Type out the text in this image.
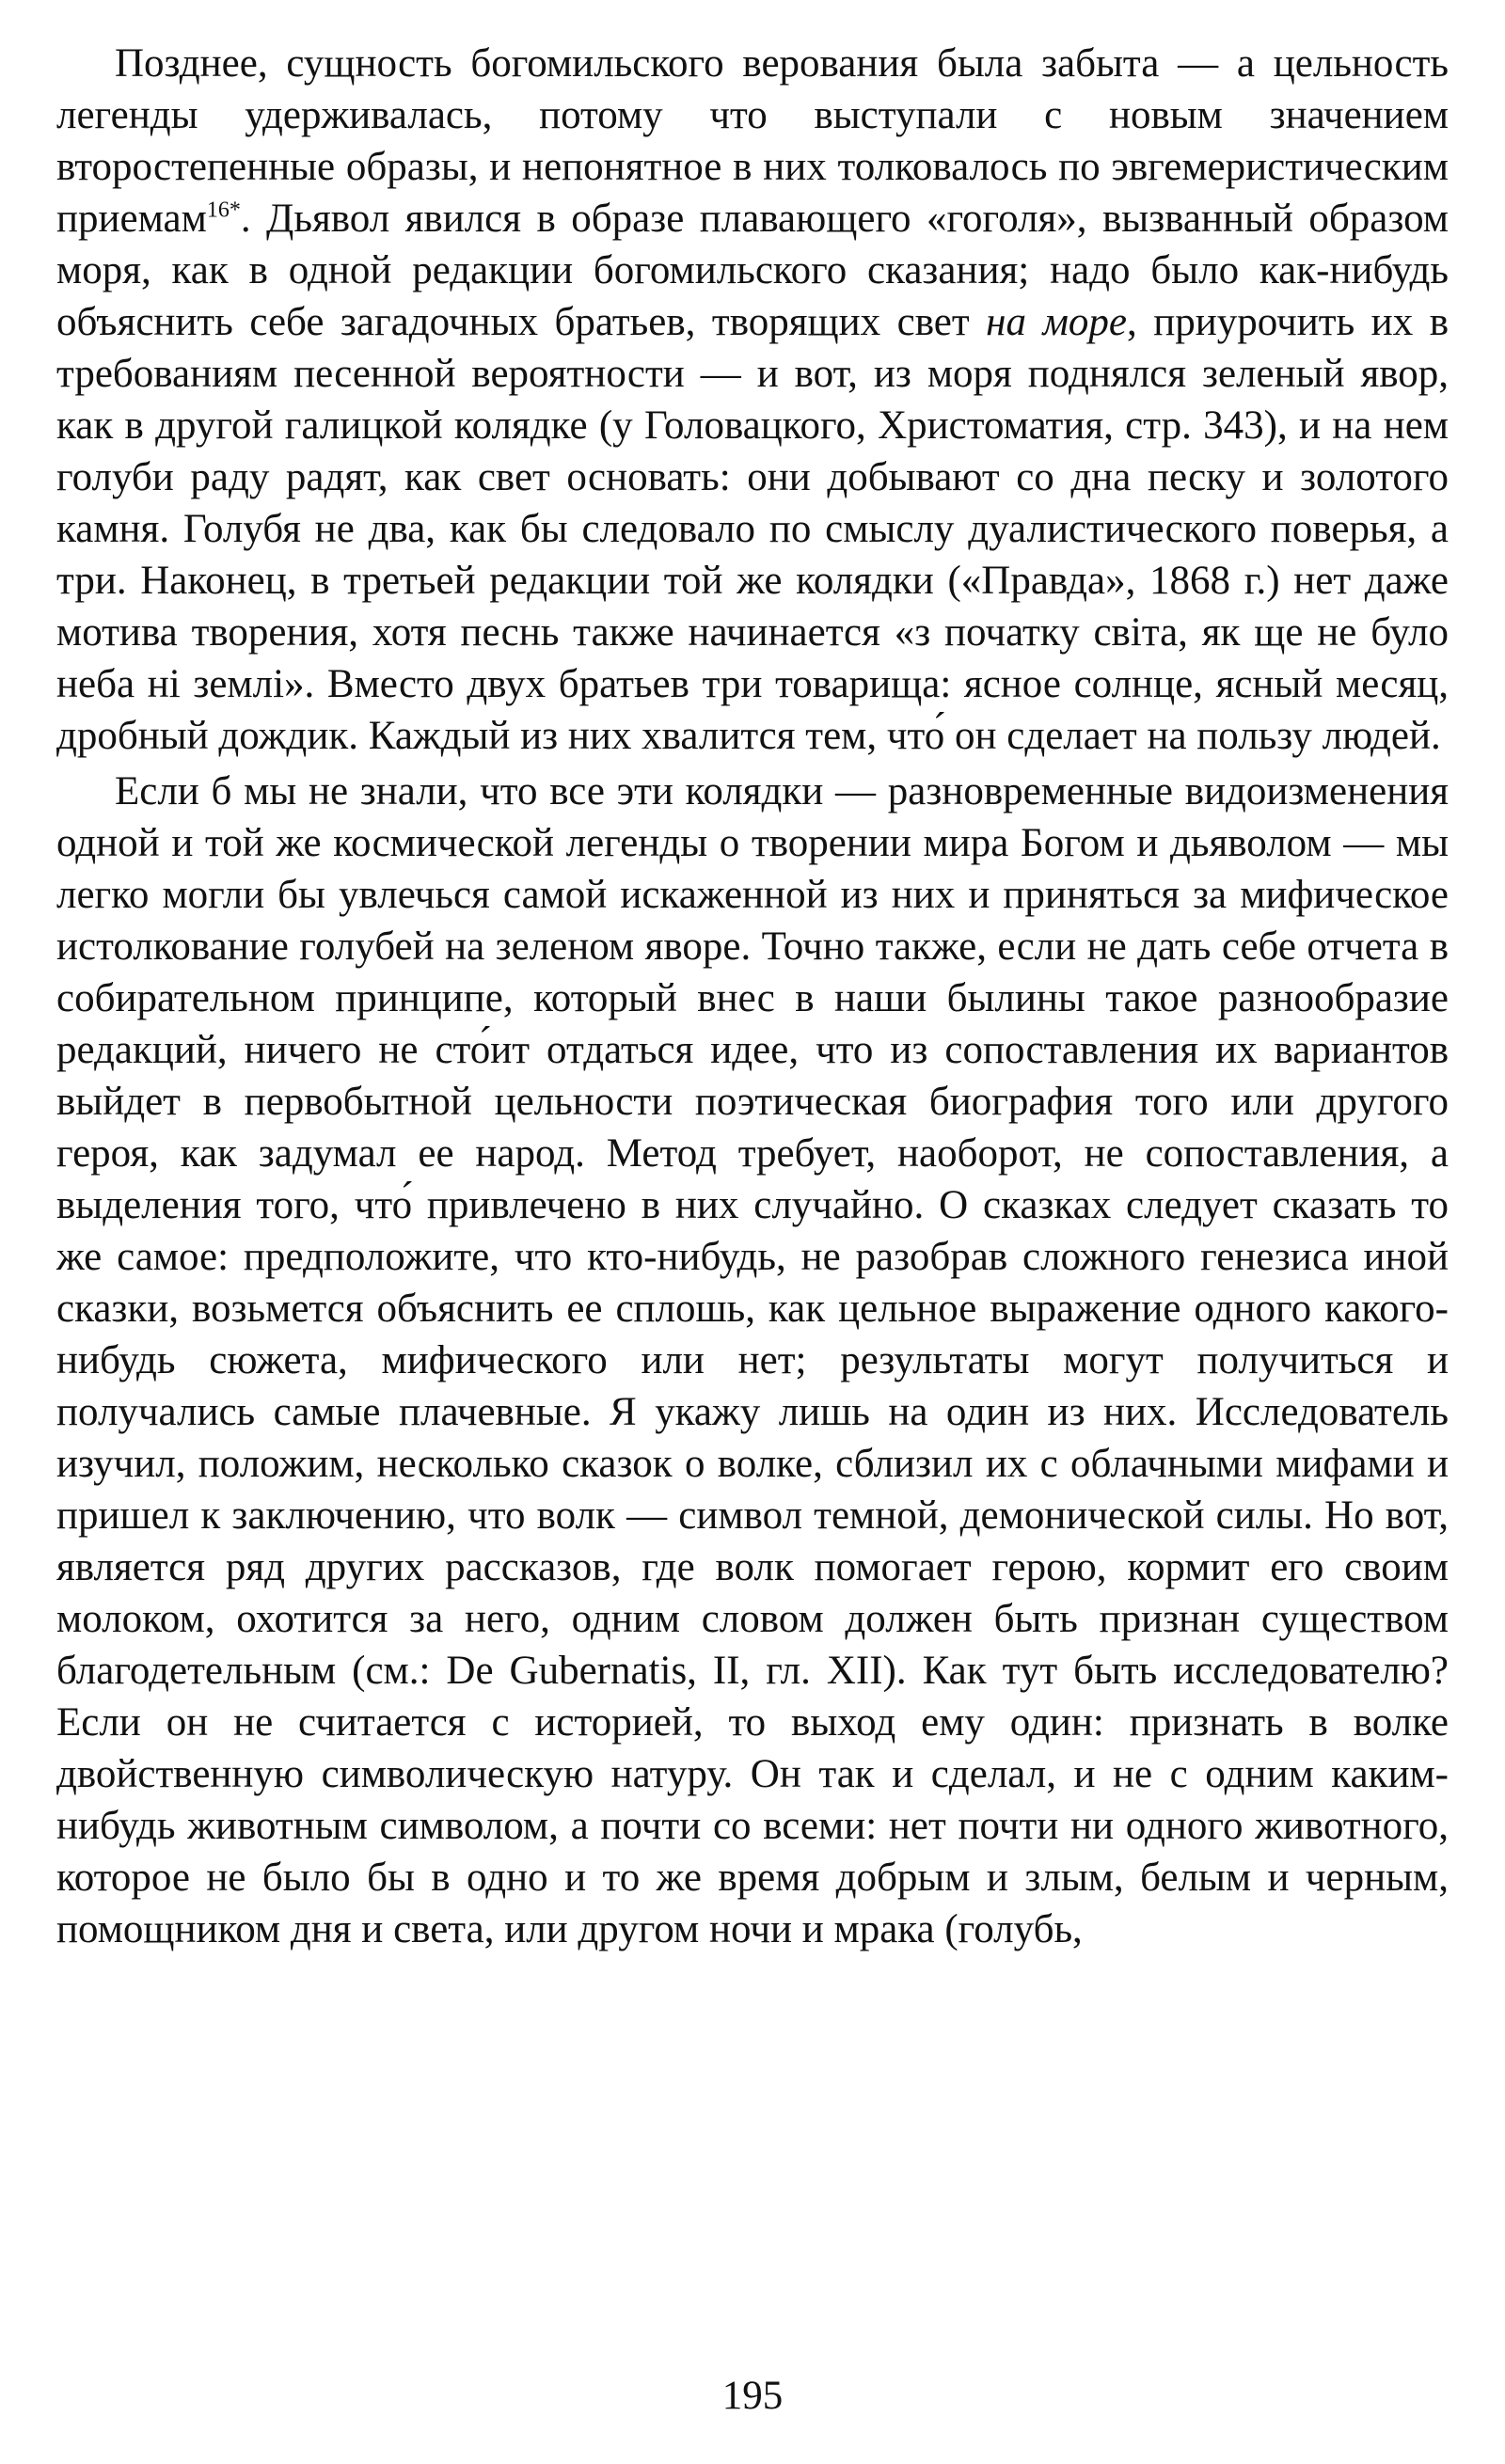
Позднее, сущность богомильского верования была забыта — а цельность легенды удерживалась, потому что выступали с новым значением второстепенные образы, и непонятное в них толковалось по эвгемеристическим приемам$^{16*}$. Дьявол явился в образе плавающего «гоголя», вызванный образом моря, как в одной редакции богомильского сказания; надо было как-нибудь объяснить себе загадочных братьев, творящих свет на море, приурочить их в требованиям песенной вероятности — и вот, из моря поднялся зеленый явор, как в другой галицкой колядке (у Головацкого, Христоматия, стр. 343), и на нем голуби раду радят, как свет основать: они добывают со дна песку и золотого камня. Голубя не два, как бы следовало по смыслу дуалистического поверья, а три. Наконец, в третьей редакции той же колядки («Правда», 1868 г.) нет даже мотива творения, хотя песнь также начинается «з початку світа, як ще не було неба ні землі». Вместо двух братьев три товарища: ясное солнце, ясный месяц, дробный дождик. Каждый из них хвалится тем, что́ он сделает на пользу людей.

Если б мы не знали, что все эти колядки — разновременные видоизменения одной и той же космической легенды о творении мира Богом и дьяволом — мы легко могли бы увлечься самой искаженной из них и приняться за мифическое истолкование голубей на зеленом яворе. Точно также, если не дать себе отчета в собирательном принципе, который внес в наши былины такое разнообразие редакций, ничего не сто́ит отдаться идее, что из сопоставления их вариантов выйдет в первобытной цельности поэтическая биография того или другого героя, как задумал ее народ. Метод требует, наоборот, не сопоставления, а выделения того, что́ привлечено в них случайно. О сказках следует сказать то же самое: предположите, что кто-нибудь, не разобрав сложного генезиса иной сказки, возьмется объяснить ее сплошь, как цельное выражение одного какого-нибудь сюжета, мифического или нет; результаты могут получиться и получались самые плачевные. Я укажу лишь на один из них. Исследователь изучил, положим, несколько сказок о волке, сблизил их с облачными мифами и пришел к заключению, что волк — символ темной, демонической силы. Но вот, является ряд других рассказов, где волк помогает герою, кормит его своим молоком, охотится за него, одним словом должен быть признан существом благодетельным (см.: De Gubernatis, II, гл. XII). Как тут быть исследователю? Если он не считается с историей, то выход ему один: признать в волке двойственную символическую натуру. Он так и сделал, и не с одним каким-нибудь животным символом, а почти со всеми: нет почти ни одного животного, которое не было бы в одно и то же время добрым и злым, белым и черным, помощником дня и света, или другом ночи и мрака (голубь,

195
